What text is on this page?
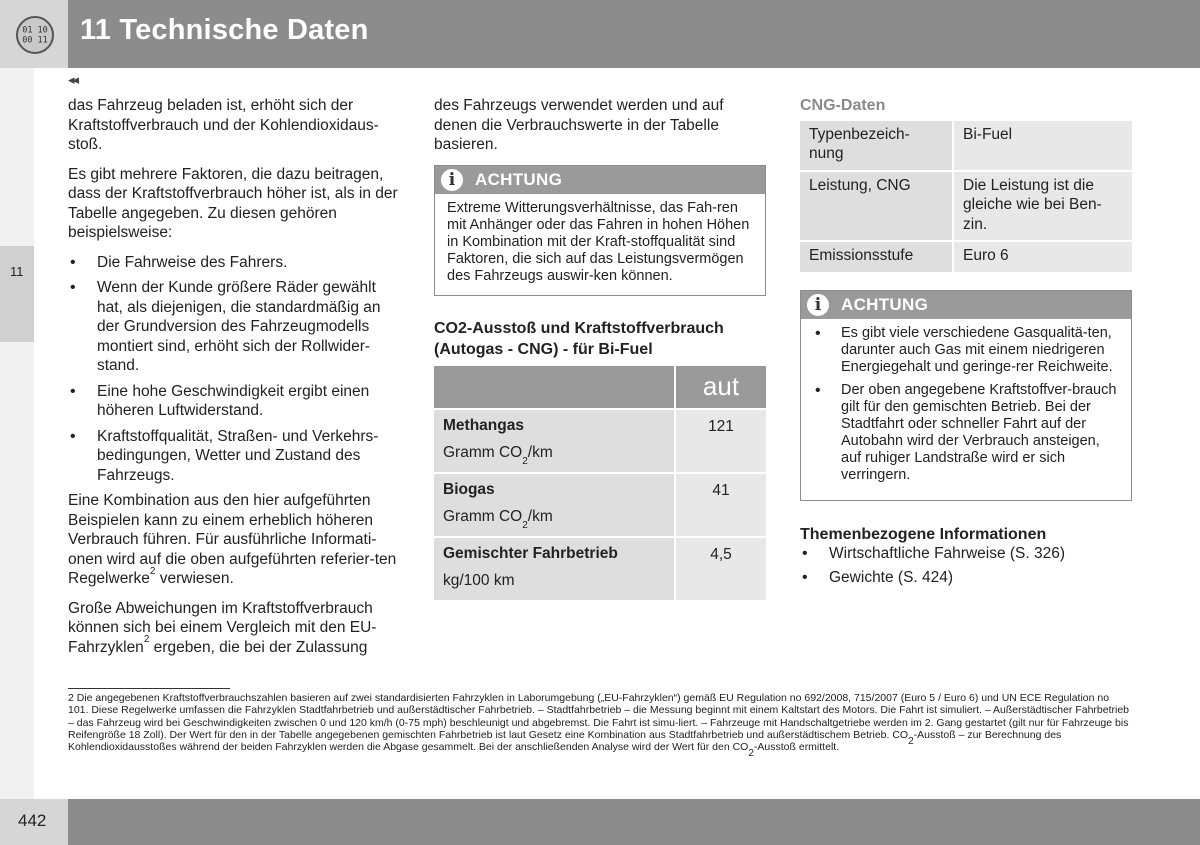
01 10
00 11 11 Technische Daten
11
◂◂

das Fahrzeug beladen ist, erhöht sich der Kraftstoffverbrauch und der Kohlendioxidaus-stoß.

Es gibt mehrere Faktoren, die dazu beitragen, dass der Kraftstoffverbrauch höher ist, als in der Tabelle angegeben. Zu diesen gehören beispielsweise:

• Die Fahrweise des Fahrers.
• Wenn der Kunde größere Räder gewählt hat, als diejenigen, die standardmäßig an der Grundversion des Fahrzeugmodells montiert sind, erhöht sich der Rollwider-stand.
• Eine hohe Geschwindigkeit ergibt einen höheren Luftwiderstand.
• Kraftstoffqualität, Straßen- und Verkehrs-bedingungen, Wetter und Zustand des Fahrzeugs.

Eine Kombination aus den hier aufgeführten Beispielen kann zu einem erheblich höheren Verbrauch führen. Für ausführliche Informati-onen wird auf die oben aufgeführten referier-ten Regelwerke$^2$ verwiesen.

Große Abweichungen im Kraftstoffverbrauch können sich bei einem Vergleich mit den EU-Fahrzyklen$^2$ ergeben, die bei der Zulassung

des Fahrzeugs verwendet werden und auf denen die Verbrauchswerte in der Tabelle basieren.

i	ACHTUNG
Extreme Witterungsverhältnisse, das Fah-ren mit Anhänger oder das Fahren in hohen Höhen in Kombination mit der Kraft-stoffqualität sind Faktoren, die sich auf das Leistungsvermögen des Fahrzeugs auswir-ken können.
CO2-Ausstoß und Kraftstoffverbrauch (Autogas - CNG) - für Bi-Fuel
	aut

Methangas
Gramm $CO_2/km$	121

Biogas
Gramm $CO_2/km$	41

Gemischter Fahrbetrieb
kg/100 km	4,5
CNG-Daten
Typenbezeich-nung	Bi-Fuel
Leistung, CNG	Die Leistung ist die gleiche wie bei Ben-zin.
Emissionsstufe	Euro 6
i	ACHTUNG
• Es gibt viele verschiedene Gasqualitä-ten, darunter auch Gas mit einem niedrigeren Energiegehalt und geringe-rer Reichweite.
• Der oben angegebene Kraftstoffver-brauch gilt für den gemischten Betrieb. Bei der Stadtfahrt oder schneller Fahrt auf der Autobahn wird der Verbrauch ansteigen, auf ruhiger Landstraße wird er sich verringern.
Themenbezogene Informationen
• Wirtschaftliche Fahrweise (S. 326)
• Gewichte (S. 424)
2 Die angegebenen Kraftstoffverbrauchszahlen basieren auf zwei standardisierten Fahrzyklen in Laborumgebung („EU-Fahrzyklen“) gemäß EU Regulation no 692/2008, 715/2007 (Euro 5 / Euro 6) und UN ECE Regulation no 101. Diese Regelwerke umfassen die Fahrzyklen Stadtfahrbetrieb und außerstädtischer Fahrbetrieb. – Stadtfahrbetrieb – die Messung beginnt mit einem Kaltstart des Motors. Die Fahrt ist simuliert. – Außerstädtischer Fahrbetrieb – das Fahrzeug wird bei Geschwindigkeiten zwischen 0 und 120 km/h (0-75 mph) beschleunigt und abgebremst. Die Fahrt ist simu-liert. – Fahrzeuge mit Handschaltgetriebe werden im 2. Gang gestartet (gilt nur für Fahrzeuge bis Reifengröße 18 Zoll). Der Wert für den in der Tabelle angegebenen gemischten Fahrbetrieb ist laut Gesetz eine Kombination aus Stadtfahrbetrieb und außerstädtischem Betrieb. $CO_2$-Ausstoß – zur Berechnung des Kohlendioxidausstoßes während der beiden Fahrzyklen werden die Abgase gesammelt. Bei der anschließenden Analyse wird der Wert für den $CO_2$-Ausstoß ermittelt.
442
